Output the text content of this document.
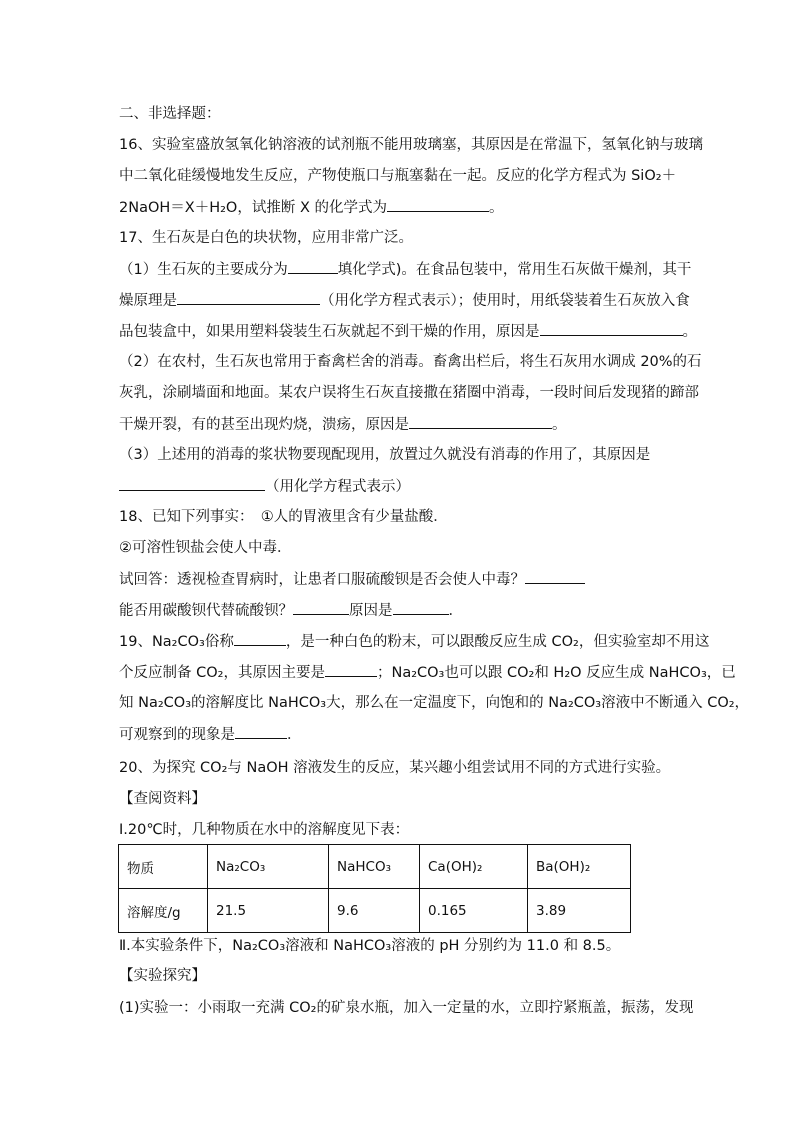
二、非选择题：
16、实验室盛放氢氧化钠溶液的试剂瓶不能用玻璃塞，其原因是在常温下，氢氧化钠与玻璃
中二氧化硅缓慢地发生反应，产物使瓶口与瓶塞黏在一起。反应的化学方程式为 SiO₂＋
2NaOH＝X＋H₂O，试推断 X 的化学式为	。
17、生石灰是白色的块状物，应用非常广泛。
（1）生石灰的主要成分为	填化学式)。在食品包装中，常用生石灰做干燥剂，其干
燥原理是	（用化学方程式表示）；使用时，用纸袋装着生石灰放入食
品包装盒中，如果用塑料袋装生石灰就起不到干燥的作用，原因是	。
（2）在农村，生石灰也常用于畜禽栏舍的消毒。畜禽出栏后，将生石灰用水调成 20%的石
灰乳，涂刷墙面和地面。某农户误将生石灰直接撒在猪圈中消毒，一段时间后发现猪的蹄部
干燥开裂，有的甚至出现灼烧，溃疡，原因是	。
（3）上述用的消毒的浆状物要现配现用，放置过久就没有消毒的作用了，其原因是
（用化学方程式表示）
18、已知下列事实：　①人的胃液里含有少量盐酸．
②可溶性钡盐会使人中毒．
试回答：透视检查胃病时，让患者口服硫酸钡是否会使人中毒？
能否用碳酸钡代替硫酸钡？	原因是	．
19、Na₂CO₃俗称	，是一种白色的粉末，可以跟酸反应生成 CO₂，但实验室却不用这
个反应制备 CO₂，其原因主要是	；Na₂CO₃也可以跟 CO₂和 H₂O 反应生成 NaHCO₃，已
知 Na₂CO₃的溶解度比 NaHCO₃大，那么在一定温度下，向饱和的 Na₂CO₃溶液中不断通入 CO₂，
可观察到的现象是	．
20、为探究 CO₂与 NaOH 溶液发生的反应，某兴趣小组尝试用不同的方式进行实验。
【查阅资料】
Ⅰ.20℃时，几种物质在水中的溶解度见下表：
物质	Na₂CO₃	NaHCO₃	Ca(OH)₂	Ba(OH)₂
溶解度/g	21.5	9.6	0.165	3.89
Ⅱ.本实验条件下，Na₂CO₃溶液和 NaHCO₃溶液的 pH 分别约为 11.0 和 8.5。
【实验探究】
(1)实验一：小雨取一充满 CO₂的矿泉水瓶，加入一定量的水，立即拧紧瓶盖，振荡，发现
